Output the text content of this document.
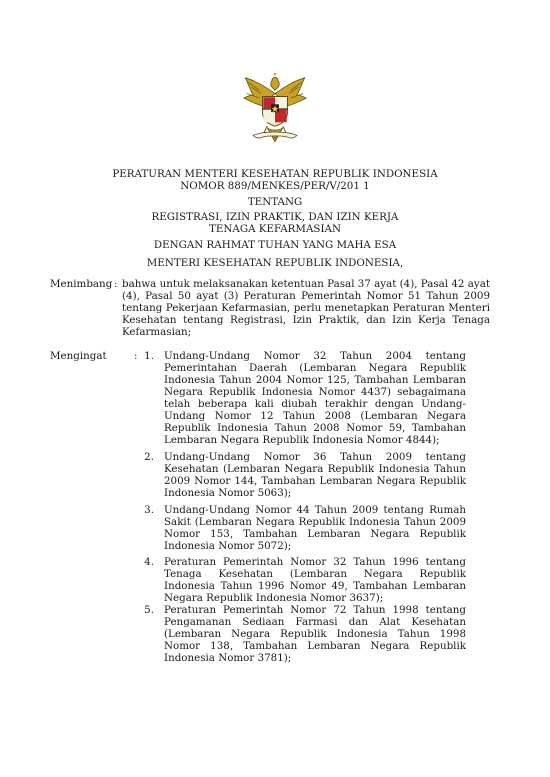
PERATURAN MENTERI KESEHATAN REPUBLIK INDONESIA
NOMOR 889/MENKES/PER/V/201 1
TENTANG
REGISTRASI, IZIN PRAKTIK, DAN IZIN KERJA
TENAGA KEFARMASIAN
DENGAN RAHMAT TUHAN YANG MAHA ESA
MENTERI KESEHATAN REPUBLIK INDONESIA,
Menimbang : bahwa untuk melaksanakan ketentuan Pasal 37 ayat (4), Pasal 42 ayat (4), Pasal 50 ayat (3) Peraturan Pemerintah Nomor 51 Tahun 2009 tentang Pekerjaan Kefarmasian, perlu menetapkan Peraturan Menteri Kesehatan tentang Registrasi, Izin Praktik, dan Izin Kerja Tenaga Kefarmasian;
Mengingat	: 1. Undang-Undang Nomor 32 Tahun 2004 tentang Pemerintahan Daerah (Lembaran Negara Republik Indonesia Tahun 2004 Nomor 125, Tambahan Lembaran Negara Republik Indonesia Nomor 4437) sebagaimana telah beberapa kali diubah terakhir dengan Undang-Undang Nomor 12 Tahun 2008 (Lembaran Negara Republik Indonesia Tahun 2008 Nomor 59, Tambahan Lembaran Negara Republik Indonesia Nomor 4844);
2. Undang-Undang Nomor 36 Tahun 2009 tentang Kesehatan (Lembaran Negara Republik Indonesia Tahun 2009 Nomor 144, Tambahan Lembaran Negara Republik Indonesia Nomor 5063);
3. Undang-Undang Nomor 44 Tahun 2009 tentang Rumah Sakit (Lembaran Negara Republik Indonesia Tahun 2009 Nomor 153, Tambahan Lembaran Negara Republik Indonesia Nomor 5072);
4. Peraturan Pemerintah Nomor 32 Tahun 1996 tentang Tenaga Kesehatan (Lembaran Negara Republik Indonesia Tahun 1996 Nomor 49, Tambahan Lembaran Negara Republik Indonesia Nomor 3637);
5. Peraturan Pemerintah Nomor 72 Tahun 1998 tentang Pengamanan Sediaan Farmasi dan Alat Kesehatan (Lembaran Negara Republik Indonesia Tahun 1998 Nomor 138, Tambahan Lembaran Negara Republik Indonesia Nomor 3781);
